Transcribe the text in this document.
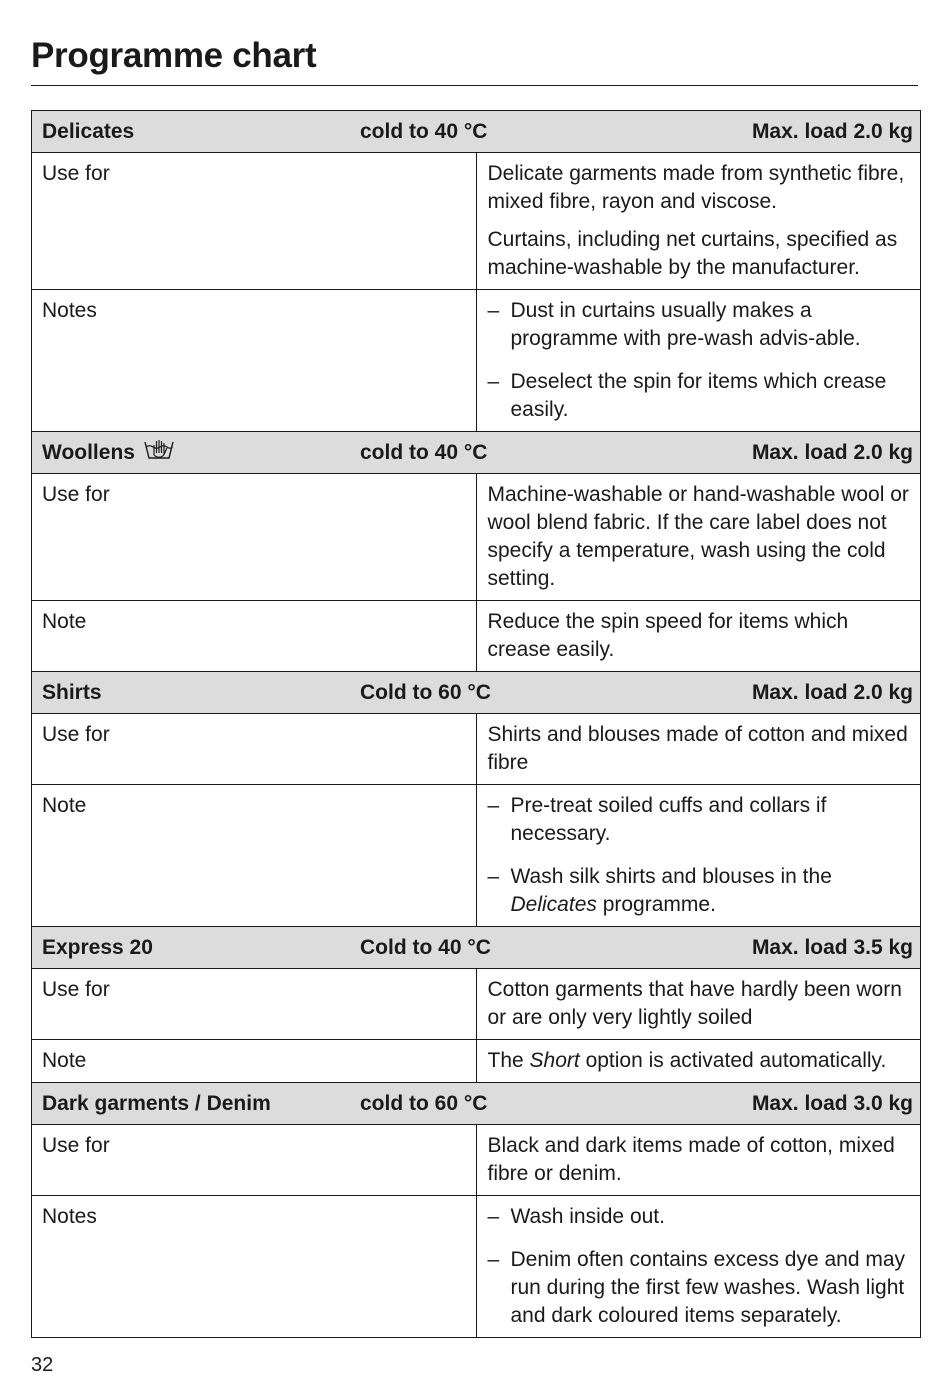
Programme chart
Delicates cold to 40 °C Max. load 2.0 kg	

Use for	Delicate garments made from synthetic fibre, mixed fibre, rayon and viscose.

Curtains, including net curtains, specified as machine-washable by the manufacturer.

Notes	– Dust in curtains usually makes a programme with pre-wash advis-able.
– Deselect the spin for items which crease easily.

Woollens cold to 40 °C Max. load 2.0 kg	

Use for	Machine-washable or hand-washable wool or wool blend fabric. If the care label does not specify a temperature, wash using the cold setting.

Note	Reduce the spin speed for items which crease easily.

Shirts Cold to 60 °C Max. load 2.0 kg	

Use for	Shirts and blouses made of cotton and mixed fibre

Note	– Pre-treat soiled cuffs and collars if necessary.
– Wash silk shirts and blouses in the Delicates programme.

Express 20 Cold to 40 °C Max. load 3.5 kg	

Use for	Cotton garments that have hardly been worn or are only very lightly soiled

Note	The Short option is activated automatically.

Dark garments / Denim cold to 60 °C Max. load 3.0 kg	

Use for	Black and dark items made of cotton, mixed fibre or denim.

Notes	– Wash inside out.
– Denim often contains excess dye and may run during the first few washes. Wash light and dark coloured items separately.
32
